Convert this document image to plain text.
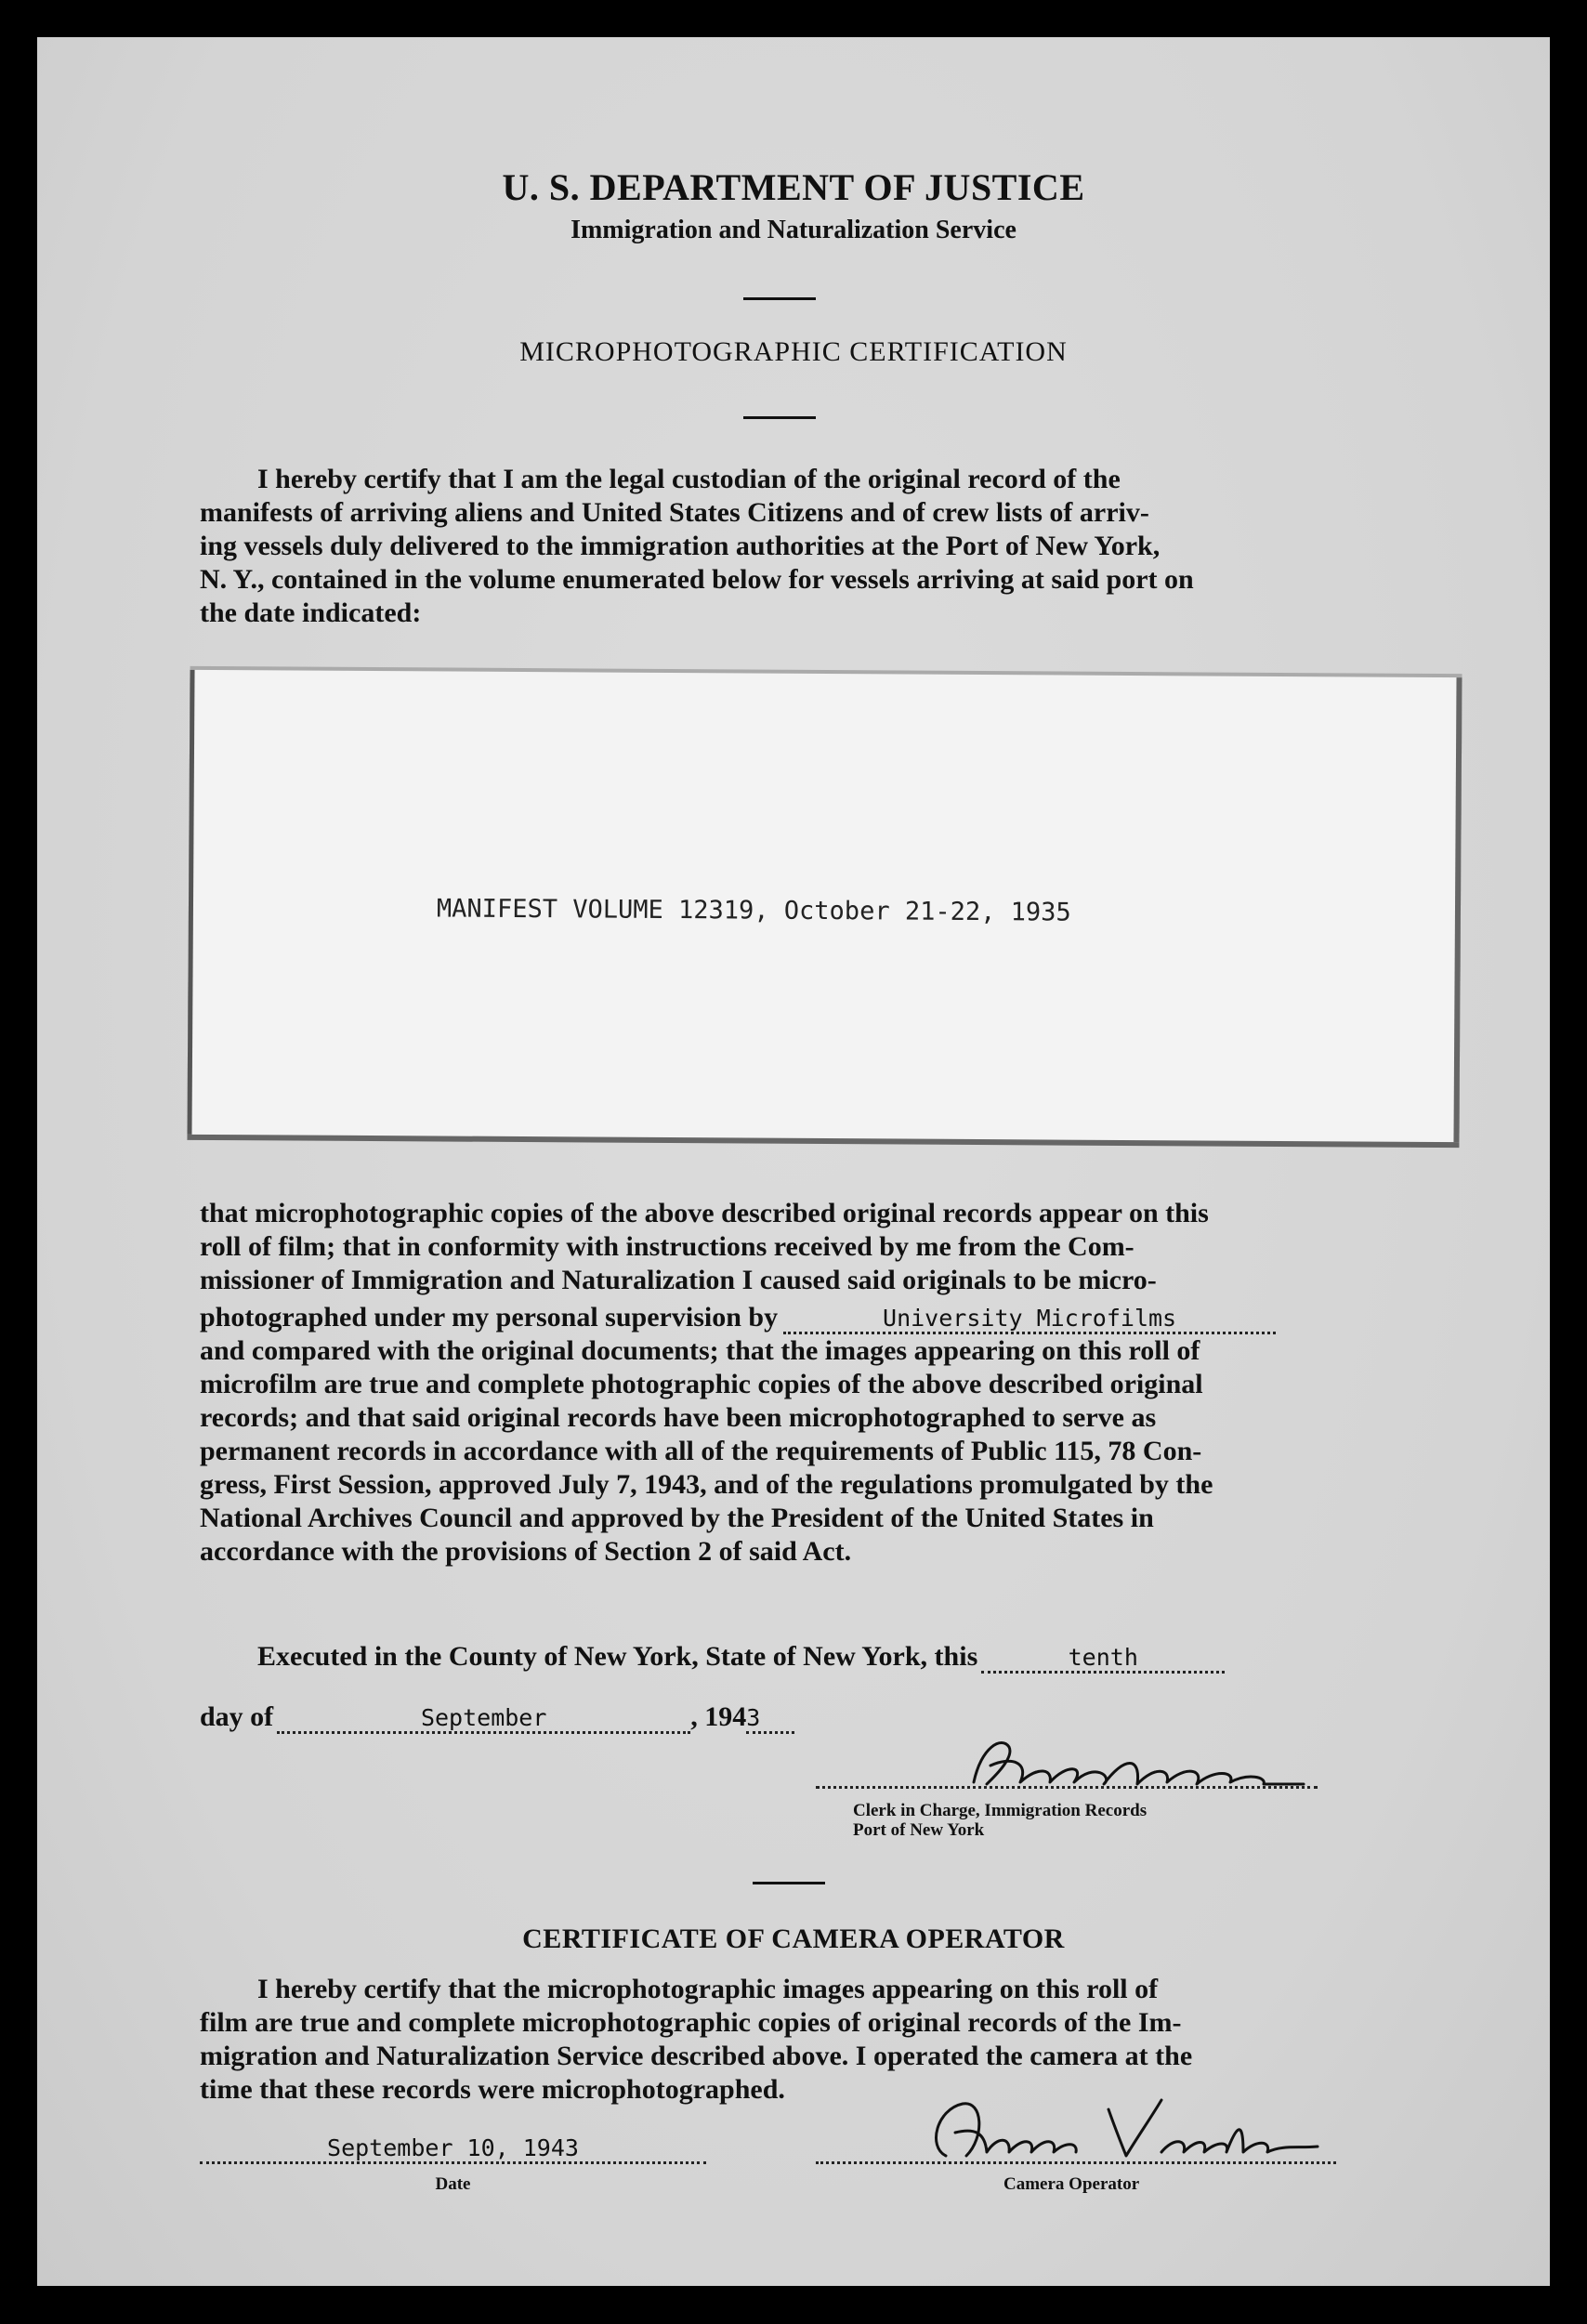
U. S. DEPARTMENT OF JUSTICE
Immigration and Naturalization Service
MICROPHOTOGRAPHIC CERTIFICATION
I hereby certify that I am the legal custodian of the original record of the
manifests of arriving aliens and United States Citizens and of crew lists of arriv-
ing vessels duly delivered to the immigration authorities at the Port of New York,
N. Y., contained in the volume enumerated below for vessels arriving at said port on
the date indicated:
MANIFEST VOLUME 12319, October 21-22, 1935
that microphotographic copies of the above described original records appear on this
roll of film; that in conformity with instructions received by me from the Com-
missioner of Immigration and Naturalization I caused said originals to be micro-
photographed under my personal supervision by	University Microfilms
and compared with the original documents; that the images appearing on this roll of
microfilm are true and complete photographic copies of the above described original
records; and that said original records have been microphotographed to serve as
permanent records in accordance with all of the requirements of Public 115, 78 Con-
gress, First Session, approved July 7, 1943, and of the regulations promulgated by the
National Archives Council and approved by the President of the United States in
accordance with the provisions of Section 2 of said Act.
Executed in the County of New York, State of New York, this	tenth
day of	September	, 1943
Clerk in Charge, Immigration Records
Port of New York
CERTIFICATE OF CAMERA OPERATOR
I hereby certify that the microphotographic images appearing on this roll of
film are true and complete microphotographic copies of original records of the Im-
migration and Naturalization Service described above. I operated the camera at the
time that these records were microphotographed.
September 10, 1943
Date	Camera Operator
